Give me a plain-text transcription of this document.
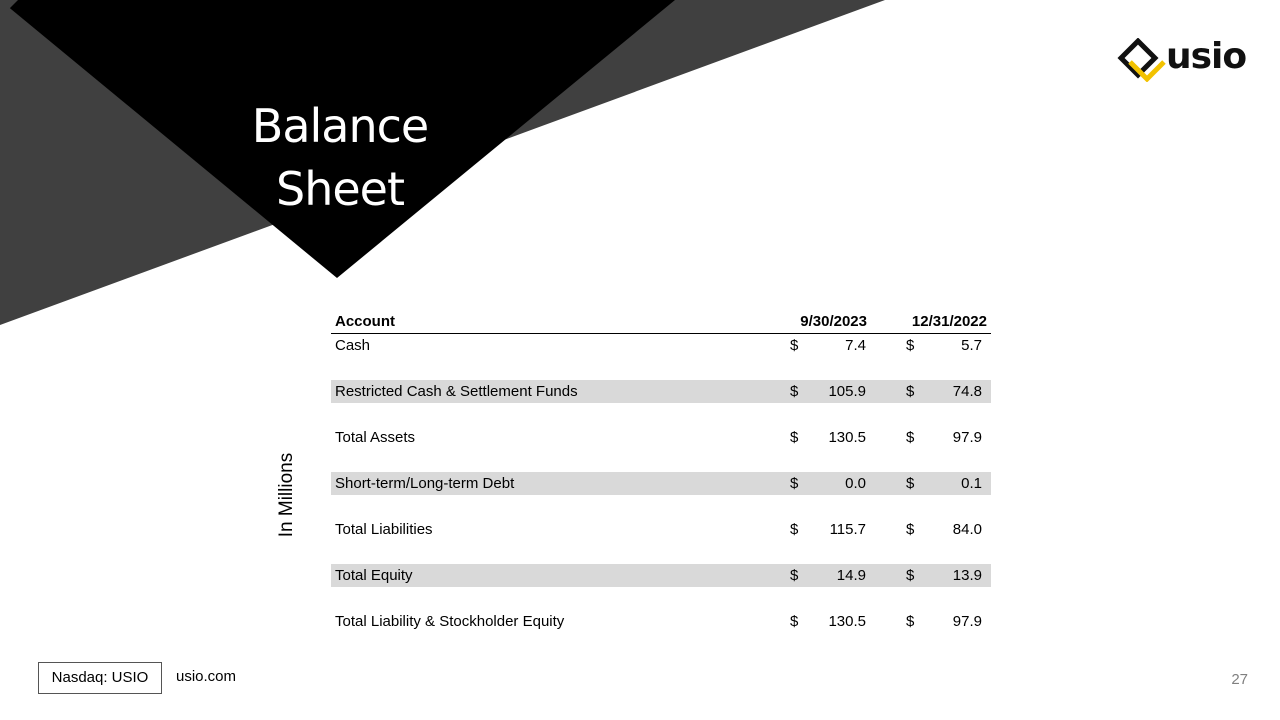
Balance
Sheet
usio
In Millions
Account	9/30/2023	12/31/2022
Cash	$	7.4	$	5.7
Restricted Cash & Settlement Funds	$ 105.9	$	74.8
Total Assets	$ 130.5	$	97.9
Short-term/Long-term Debt	$	0.0	$	0.1
Total Liabilities	$ 115.7	$	84.0
Total Equity	$	14.9	$	13.9
Total Liability & Stockholder Equity	$ 130.5	$	97.9
Nasdaq: USIO	usio.com	27
